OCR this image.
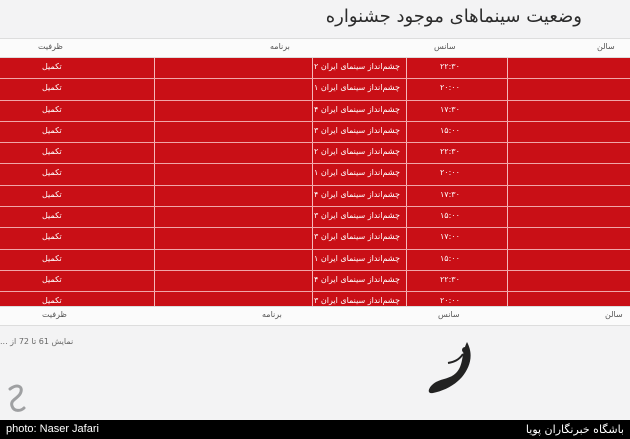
وضعیت سینماهای موجود جشنواره
سالن
سانس
برنامه
ظرفیت
۲۲:۳۰
چشم‌انداز سینمای ایران ۲
تکمیل
۲۰:۰۰
چشم‌انداز سینمای ایران ۱
تکمیل
۱۷:۳۰
چشم‌انداز سینمای ایران ۴
تکمیل
۱۵:۰۰
چشم‌انداز سینمای ایران ۳
تکمیل
۲۲:۳۰
چشم‌انداز سینمای ایران ۲
تکمیل
۲۰:۰۰
چشم‌انداز سینمای ایران ۱
تکمیل
۱۷:۳۰
چشم‌انداز سینمای ایران ۴
تکمیل
۱۵:۰۰
چشم‌انداز سینمای ایران ۳
تکمیل
۱۷:۰۰
چشم‌انداز سینمای ایران ۳
تکمیل
۱۵:۰۰
چشم‌انداز سینمای ایران ۱
تکمیل
۲۲:۳۰
چشم‌انداز سینمای ایران ۴
تکمیل
۲۰:۰۰
چشم‌انداز سینمای ایران ۳
تکمیل
سالن
سانس
برنامه
ظرفیت
نمایش 61 تا 72 از ...
photo: Naser Jafari	باشگاه خبرنگاران پویا
